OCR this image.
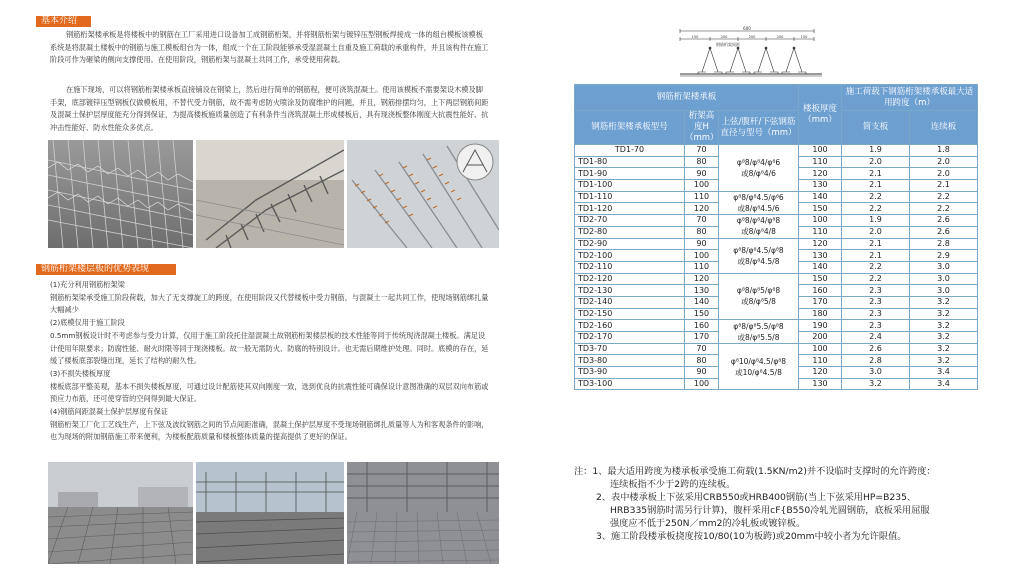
基本介绍

钢筋桁架楼承板是将楼板中的钢筋在工厂采用进口设备加工成钢筋桁架，并将钢筋桁架与镀锌压型钢板焊接成一体的组台模板该模板系统是将混凝土楼板中的钢筋与施工模板组台为一体，组成一个在工阶段能够承受湿混凝土自重及施工荷载的承重构件，并且该构件在施工阶段可作为砸梁的侧向支撑使用。在使用阶段，钢筋桁架与混凝土共同工作，承受使用荷载。

在施下现场，可以将钢筋桁架楼承板直接铺设在钢梁上，然后进行简单的钢筋程，便可浇筑混凝土。使用该模板不需要架设木模及脚手架，底部镀锌压型钢板仅做模板用，不替代受力钢筋，故不需考虑防火喷涂及防腐维护的问题，并且，钢筋排摆均匀，上下两层钢筋间距及混凝土保护层厚度能充分得到保证，为提高楼板施质量创造了有利条件当浇筑混凝土形成楼板后，具有现浇板整体刚度大抗震性能好、抗冲击性能好、防水性能众多优点。

钢筋桁架楼层板的优势表现

(1)充分利用钢筋桁架梁

钢筋桁架梁承受施工阶段荷载，加大了无支撑旋工的跨度，在使用阶段又代替楼板中受力钢筋，与混凝土一起共同工作，使现场钢筋绑扎量大幅减少

(2)底模仅用于施工阶段

0.5mm钢板设计时不考虑参与受力计算，仅用于施工阶段托住湿混凝土故钢筋桁架楼层板的技术性能等同于传统现浇混凝土楼板。满足设计使用年限要求；防腐性能、耐火时限等同于现浇楼板。故一般无需防火、防腐的特别设计。也无需后期维护处理。同时。底模的存在，延缓了楼板底部裂缝出现，延长了结构的耐久性。

(3)不损失楼板厚度

楼板底部平整美观，基本不损失楼板厚度，可通过设计配筋使其双向刚度一致，选到优良的抗震性能可确保设计意图准确的双层双向布筋或预应力布筋，还可使穿管的空间得到最大保证。

(4)钢筋间距混凝土保护层厚度有保证

钢筋桁架工厂化工艺线生产，上下弦及波纹钢筋之间的节点间距准确，混凝土保护层厚度不受现场钢筋绑扎质量等人为和客观条件的影响，也为现场的附加钢筋施工带来便利，为楼板配筋质量和楼板整体质量的提高提供了更好的保证。

600
150	200	200	200	150
钢筋桁架间距
钢筋桁架楼承板			楼板厚度（mm）	施工荷载下钢筋桁架楼承板最大适用跨度（m）	
钢筋桁架楼承板型号	桁架高度H（mm）	上弦/腹杆/下弦钢筋直径与型号（mm）		简支板	连续板
TD1-70	70	φ⁸8/φ⁸4/φ⁸6
或8/φ⁸4/6	100	1.9	1.8
TD1-80	80		110	2.0	2.0
TD1-90	90		120	2.1	2.0
TD1-100	100		130	2.1	2.1
TD1-110	110	φ⁸8/φ⁸4.5/φ⁸6
或8/φ⁸4.5/6	140	2.2	2.2
TD1-120	120		150	2.2	2.2
TD2-70	70	φ⁸8/φ⁸4/φ⁸8
或8/φ⁸4/8	100	1.9	2.6
TD2-80	80		110	2.0	2.6
TD2-90	90	φ⁸8/φ⁸4.5/φ⁸8
或8/φ⁸4.5/8	120	2.1	2.8
TD2-100	100		130	2.1	2.9
TD2-110	110		140	2.2	3.0
TD2-120	120	φ⁸8/φ⁸5/φ⁸8
或8/φ⁸5/8	150	2.2	3.0
TD2-130	130		160	2.3	3.0
TD2-140	140		170	2.3	3.2
TD2-150	150		180	2.3	3.2
TD2-160	160	φ⁸8/φ⁸5.5/φ⁸8
或8/φ⁸5.5/8	190	2.3	3.2
TD2-170	170		200	2.4	3.2
TD3-70	70	φ⁸10/φ⁸4.5/φ⁸8
或10/φ⁸4.5/8	100	2.6	3.2
TD3-80	80		110	2.8	3.2
TD3-90	90		120	3.0	3.4
TD3-100	100		130	3.2	3.4
注：1、最大适用跨度为楼承板承受施工荷载(1.5KN/m2)并不设临时支撑时的允许跨度：
连续板指不少于2跨的连续板。
2、表中楼承板上下弦采用CRB550或HRB400钢筋(当上下弦采用HP=B235、
HRB335钢筋时需另行计算)，腹杆采用cF{B550冷轧光圆钢筋，底板采用屈服
强度应不低于250N／mm2的冷轧板或镀锌板。
3、施工阶段楼承板挠度按10/80(10为板跨)或20mm中较小者为允许限值。
